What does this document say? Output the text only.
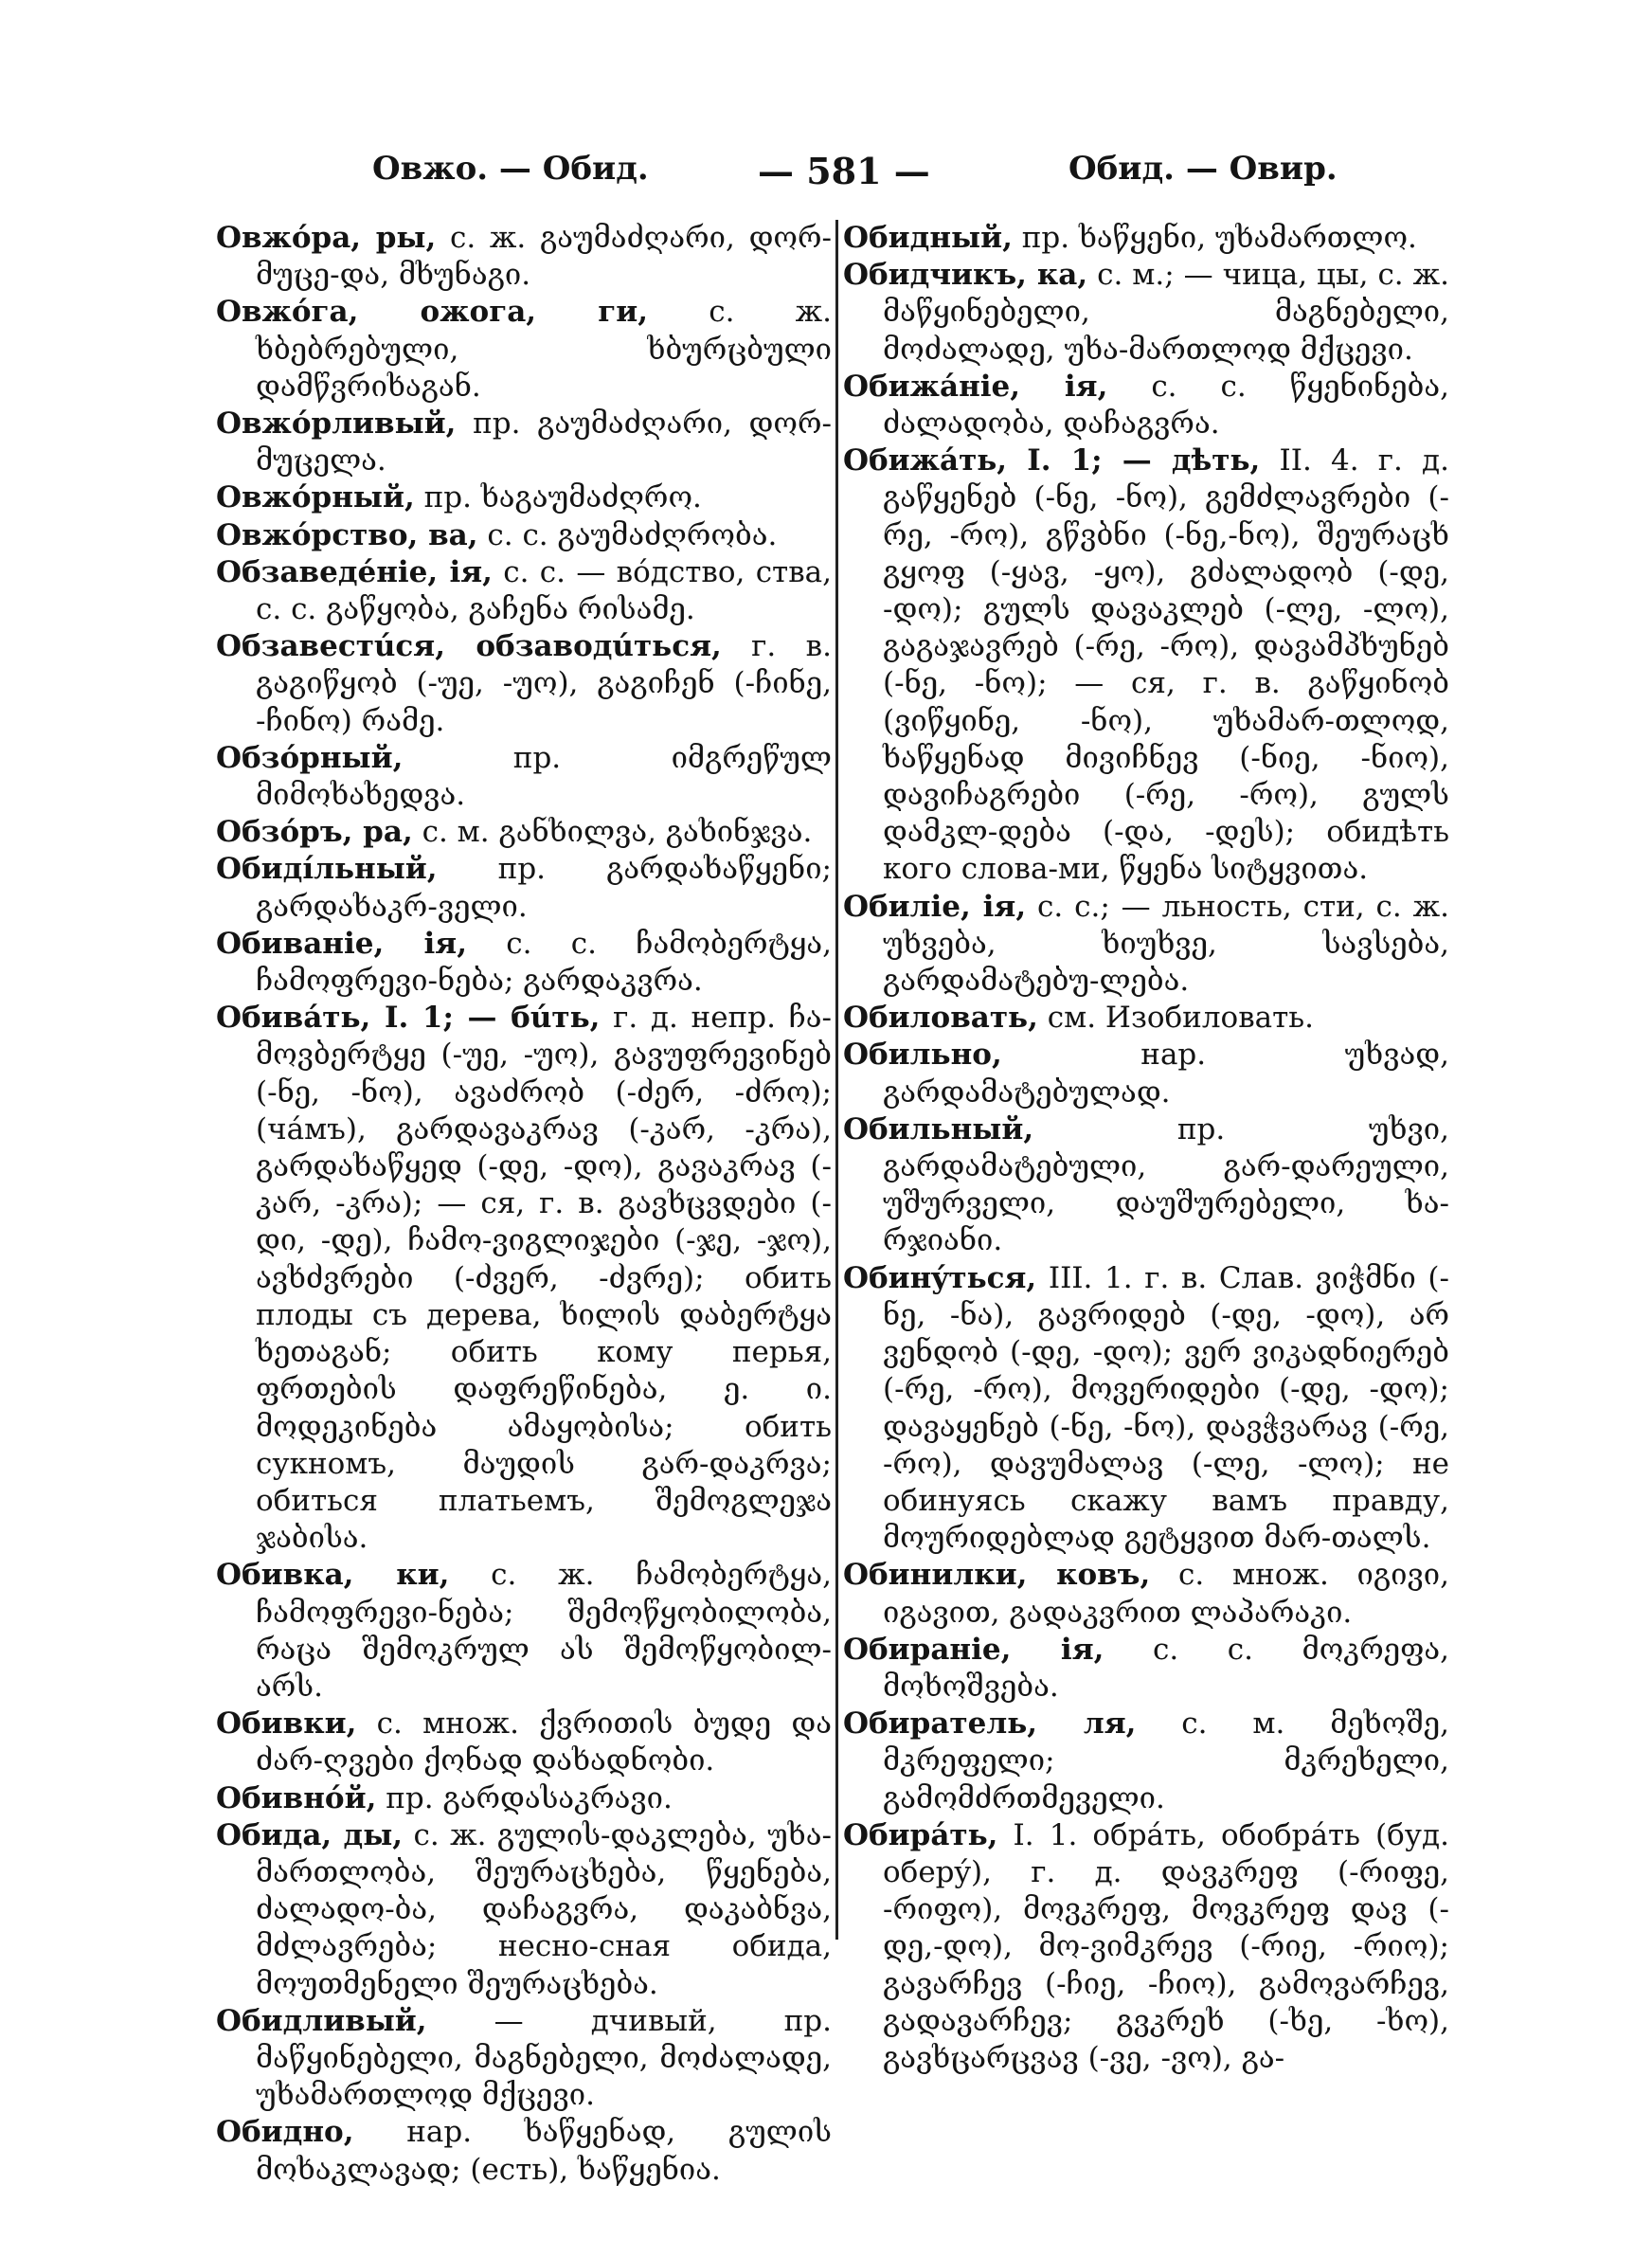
Овжо. — Обид.	— 581 —	Обид. — Овир.

Овжóра, ры, с. ж. გაუმაძღარი, დორ-მუცე-და, მხუნაგი.

Овжóга, ожога, ги, с. ж. ხბებრებული, ხბურცბული დამწვრიხაგან.

Овжóрливый, пр. გაუმაძღარი, დორ-მუცელა.

Овжóрный, пр. ხაგაუმაძღრო.

Овжóрство, ва, с. с. გაუმაძღრობა.

Обзаведéніе, ія, с. с. — вóдство, ства, с. с. გაწყობა, გაჩენა რისამე.

Обзавестúся, обзаводúться, г. в. გაგიწყობ (-უე, -უო), გაგიჩენ (-ჩინე, -ჩინო) რამე.

Обзóрный, пр. იმგრეწულ მიმოხახედვა.

Обзóръ, ра, с. м. განხილვა, გახინჯვა.

Обиді́льный, пр. გარდახაწყენი; გარდახაკრ-ველი.

Обиваніе, ія, с. с. ჩამობერტყა, ჩამოფრევი-ნება; გარდაკვრა.

Обивáть, I. 1; — бúть, г. д. непр. ჩა-მოვბერტყე (-უე, -უო), გავუფრევინებ (-ნე, -ნო), ავაძრობ (-ძერ, -ძრო); (чáмъ), გარდავაკრავ (-კარ, -კრა), გარდახაწყედ (-დე, -დო), გავაკრავ (-კარ, -კრა); — ся, г. в. გავხცვდები (-დი, -დე), ჩამო-ვიგლიჯები (-ჯე, -ჯო), ავხძვრები (-ძვერ, -ძვრე); обить плоды съ дерева, ხილის დაბერტყა ხეთაგან; обить кому перья, ფრთების დაფრეწინება, ე. ი. მოდეკინება ამაყობისა; обить сукномъ, მაუდის გარ-დაკრვა; обиться платьемъ, შემოგლეჯა ჯაბისა.

Обивка, ки, с. ж. ჩამობერტყა, ჩამოფრევი-ნება; შემოწყობილობა, რაცა შემოკრულ ას შემოწყობილ-არს.

Обивки, с. множ. ქვრითის ბუდე და ძარ-ღვები ქონად დახადნობი.

Обивнóй, пр. გარდასაკრავი.

Обида, ды, с. ж. გულის-დაკლება, უხა-მართლობა, შეურაცხება, წყენება, ძალადო-ბა, დაჩაგვრა, დაკაბნვა, მძლავრება; несно-сная обида, მოუთმენელი შეურაცხება.

Обидливый, — дчивый, пр. მაწყინებელი, მაგნებელი, მოძალადე, უხამართლოდ მქცევი.

Обидно, нар. ხაწყენად, გულის მოხაკლავად; (есть), ხაწყენია.

Обидный, пр. ხაწყენი, უხამართლო.

Обидчикъ, ка, с. м.; — чица, цы, с. ж. მაწყინებელი, მაგნებელი, მოძალადე, უხა-მართლოდ მქცევი.

Обижáніе, ія, с. с. წყენინება, ძალადობა, დაჩაგვრა.

Обижáть, I. 1; — дѣть, II. 4. г. д. გაწყენებ (-ნე, -ნო), გემძლავრები (-რე, -რო), გწვბნი (-ნე,-ნო), შეურაცხ გყოფ (-ყავ, -ყო), გძალადობ (-დე, -დო); გულს დავაკლებ (-ლე, -ლო), გაგაჯავრებ (-რე, -რო), დავამპხუნებ (-ნე, -ნო); — ся, г. в. გაწყინობ (ვიწყინე, -ნო), უხამარ-თლოდ, ხაწყენად მივიჩნევ (-ნიე, -ნიო), დავიჩაგრები (-რე, -რო), გულს დამკლ-დება (-და, -დეს); обидѣть кого слова-ми, წყენა სიტყვითა.

Обиліе, ія, с. с.; — льность, сти, с. ж. უხვება, ხიუხვე, სავსება, გარდამატებუ-ლება.

Обиловать, см. Изобиловать.

Обильно, нар. უხვად, გარდამატებულად.

Обильный, пр. უხვი, გარდამატებული, გარ-დარეული, უშურველი, დაუშურებელი, ხა-რჯიანი.

Обинýться, III. 1. г. в. Слав. ვიჭმნი (-ნე, -ნა), გავრიდებ (-დე, -დო), არ ვენდობ (-დე, -დო); ვერ ვიკადნიერებ (-რე, -რო), მოვერიდები (-დე, -დო); დავაყენებ (-ნე, -ნო), დავჭვარავ (-რე, -რო), დავუმალავ (-ლე, -ლო); не обинуясь скажу вамъ правду, მოურიდებლად გეტყვით მარ-თალს.

Обинилки, ковъ, с. множ. იგივი, იგავით, გადაკვრით ლაპარაკი.

Обираніе, ія, с. с. მოკრეფა, მოხოშვება.

Обиратель, ля, с. м. მეხოშე, მკრეფელი; მკრეხელი, გამომძრთმეველი.

Обирáть, I. 1. обрáть, обобрáть (буд. оберý), г. д. დავკრეფ (-რიფე, -რიფო), მოვკრეფ, მოვკრეფ დავ (-დე,-დო), მო-ვიმკრევ (-რიე, -რიო); გავარჩევ (-ჩიე, -ჩიო), გამოვარჩევ, გადავარჩევ; გვკრეხ (-ხე, -ხო), გავხცარცვავ (-ვე, -ვო), გა-
